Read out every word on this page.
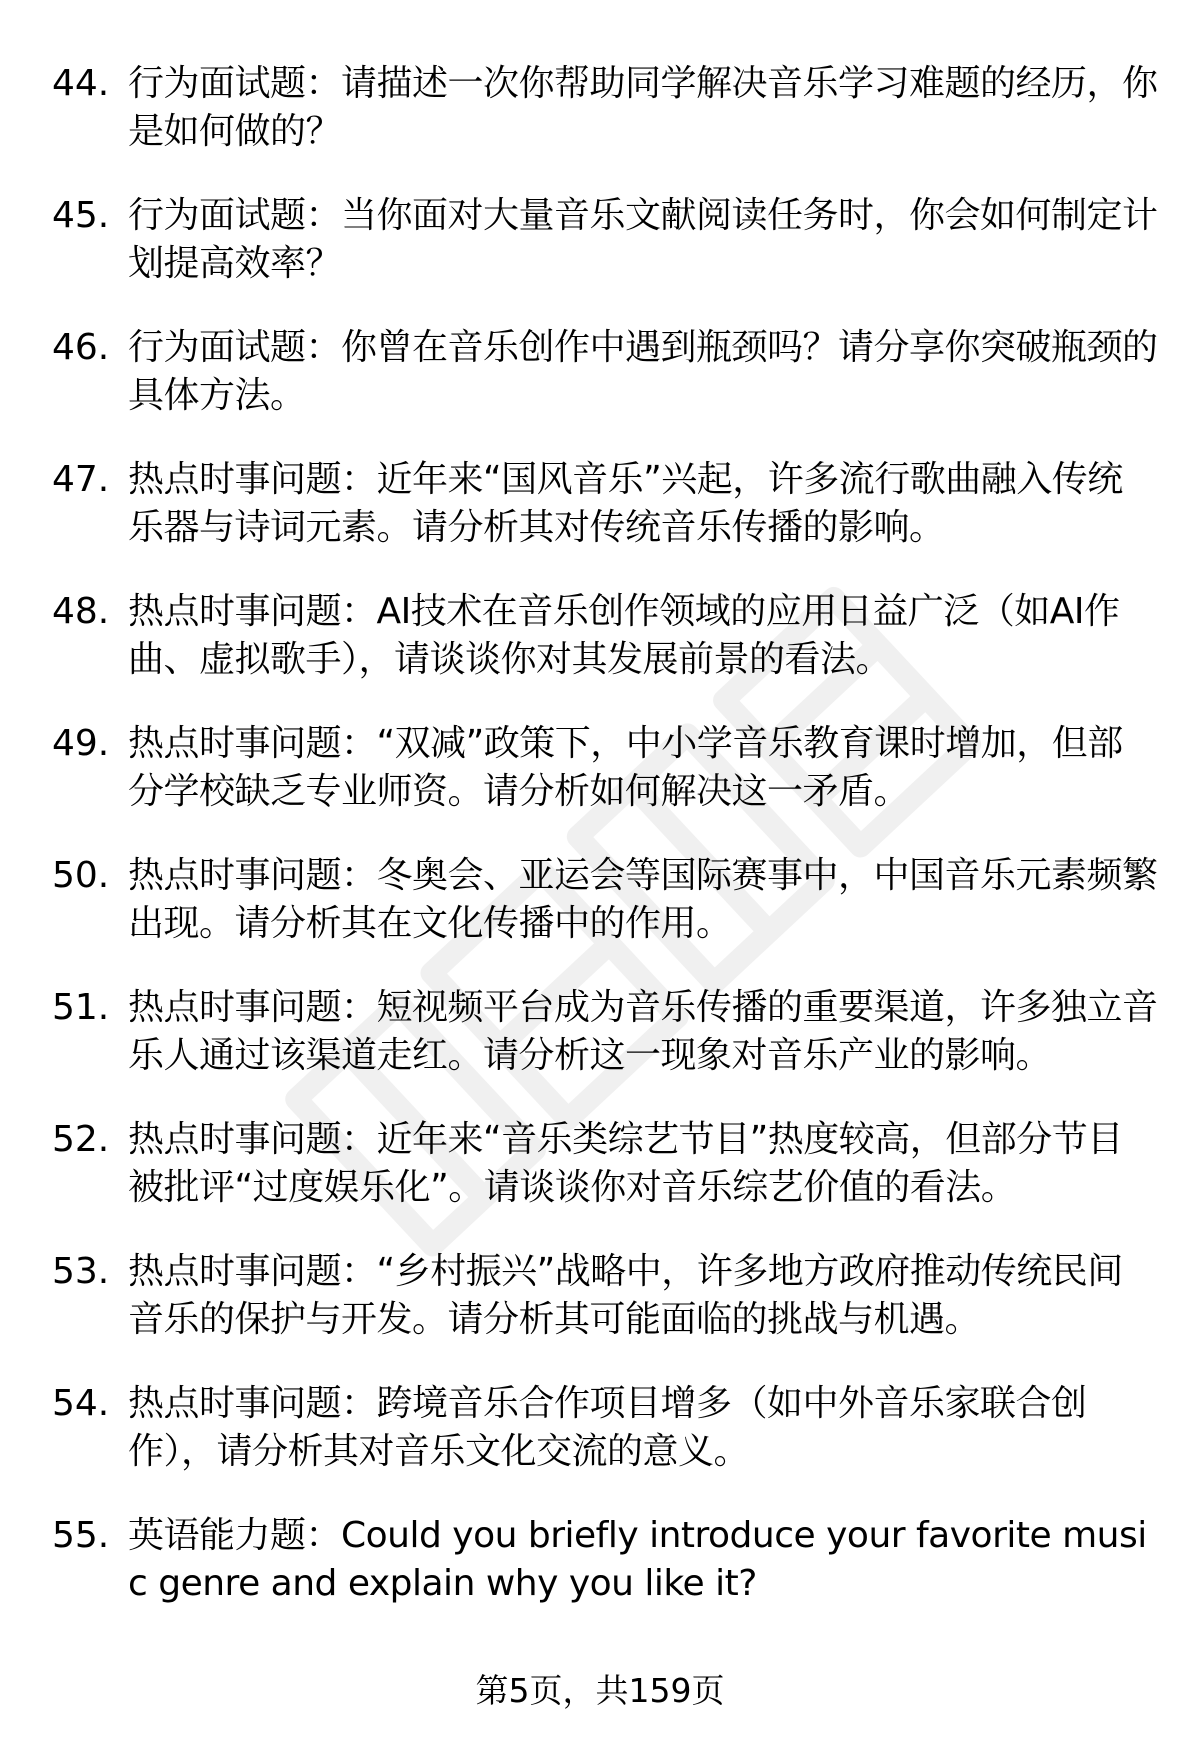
44. 行为面试题：请描述一次你帮助同学解决音乐学习难题的经历，你是如何做的？
45. 行为面试题：当你面对大量音乐文献阅读任务时，你会如何制定计划提高效率？
46. 行为面试题：你曾在音乐创作中遇到瓶颈吗？请分享你突破瓶颈的具体方法。
47. 热点时事问题：近年来“国风音乐”兴起，许多流行歌曲融入传统乐器与诗词元素。请分析其对传统音乐传播的影响。
48. 热点时事问题：AI技术在音乐创作领域的应用日益广泛（如AI作曲、虚拟歌手），请谈谈你对其发展前景的看法。
49. 热点时事问题：“双减”政策下，中小学音乐教育课时增加，但部分学校缺乏专业师资。请分析如何解决这一矛盾。
50. 热点时事问题：冬奥会、亚运会等国际赛事中，中国音乐元素频繁出现。请分析其在文化传播中的作用。
51. 热点时事问题：短视频平台成为音乐传播的重要渠道，许多独立音乐人通过该渠道走红。请分析这一现象对音乐产业的影响。
52. 热点时事问题：近年来“音乐类综艺节目”热度较高，但部分节目被批评“过度娱乐化”。请谈谈你对音乐综艺价值的看法。
53. 热点时事问题：“乡村振兴”战略中，许多地方政府推动传统民间音乐的保护与开发。请分析其可能面临的挑战与机遇。
54. 热点时事问题：跨境音乐合作项目增多（如中外音乐家联合创作），请分析其对音乐文化交流的意义。
55. 英语能力题：Could you briefly introduce your favorite music genre and explain why you like it?
第5页，共159页
